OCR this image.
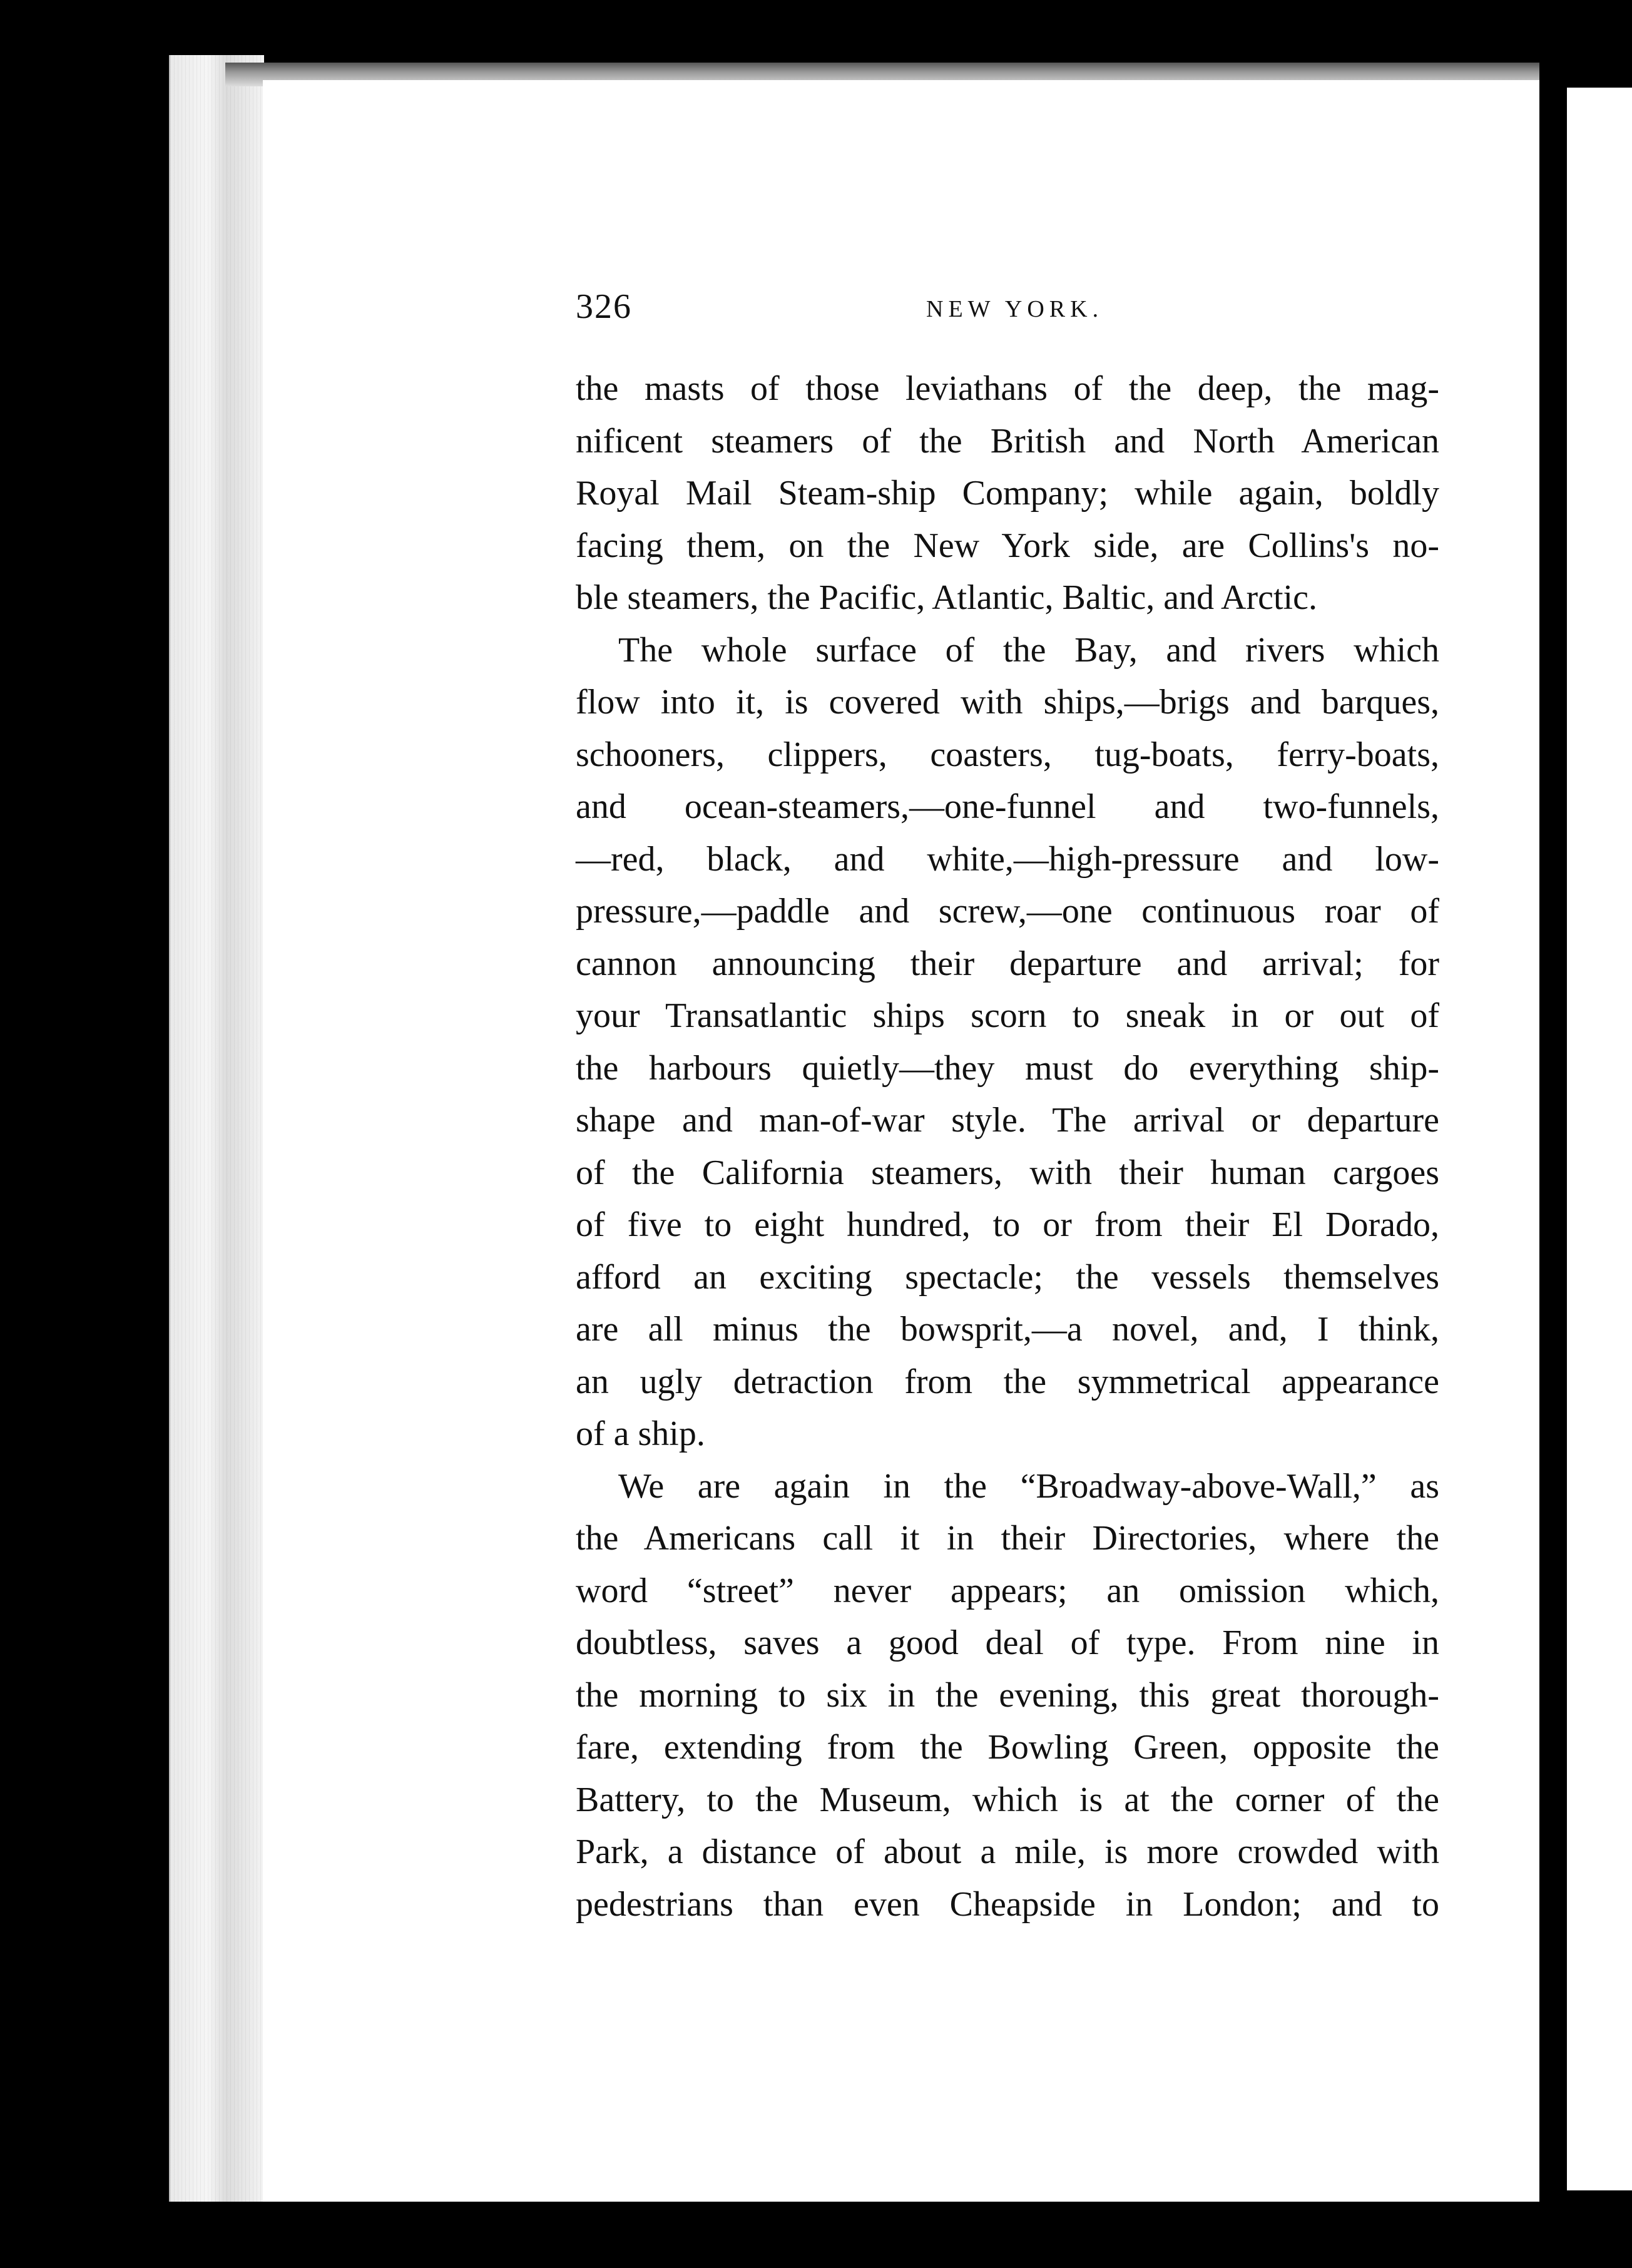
326	NEW YORK.
the masts of those leviathans of the deep, the mag-
nificent steamers of the British and North American
Royal Mail Steam-ship Company; while again, boldly
facing them, on the New York side, are Collins's no-
ble steamers, the Pacific, Atlantic, Baltic, and Arctic.
The whole surface of the Bay, and rivers which
flow into it, is covered with ships,—brigs and barques,
schooners, clippers, coasters, tug-boats, ferry-boats,
and ocean-steamers,—one-funnel and two-funnels,
—red, black, and white,—high-pressure and low-
pressure,—paddle and screw,—one continuous roar of
cannon announcing their departure and arrival; for
your Transatlantic ships scorn to sneak in or out of
the harbours quietly—they must do everything ship-
shape and man-of-war style. The arrival or departure
of the California steamers, with their human cargoes
of five to eight hundred, to or from their El Dorado,
afford an exciting spectacle; the vessels themselves
are all minus the bowsprit,—a novel, and, I think,
an ugly detraction from the symmetrical appearance
of a ship.
We are again in the “Broadway-above-Wall,” as
the Americans call it in their Directories, where the
word “street” never appears; an omission which,
doubtless, saves a good deal of type. From nine in
the morning to six in the evening, this great thorough-
fare, extending from the Bowling Green, opposite the
Battery, to the Museum, which is at the corner of the
Park, a distance of about a mile, is more crowded with
pedestrians than even Cheapside in London; and to
